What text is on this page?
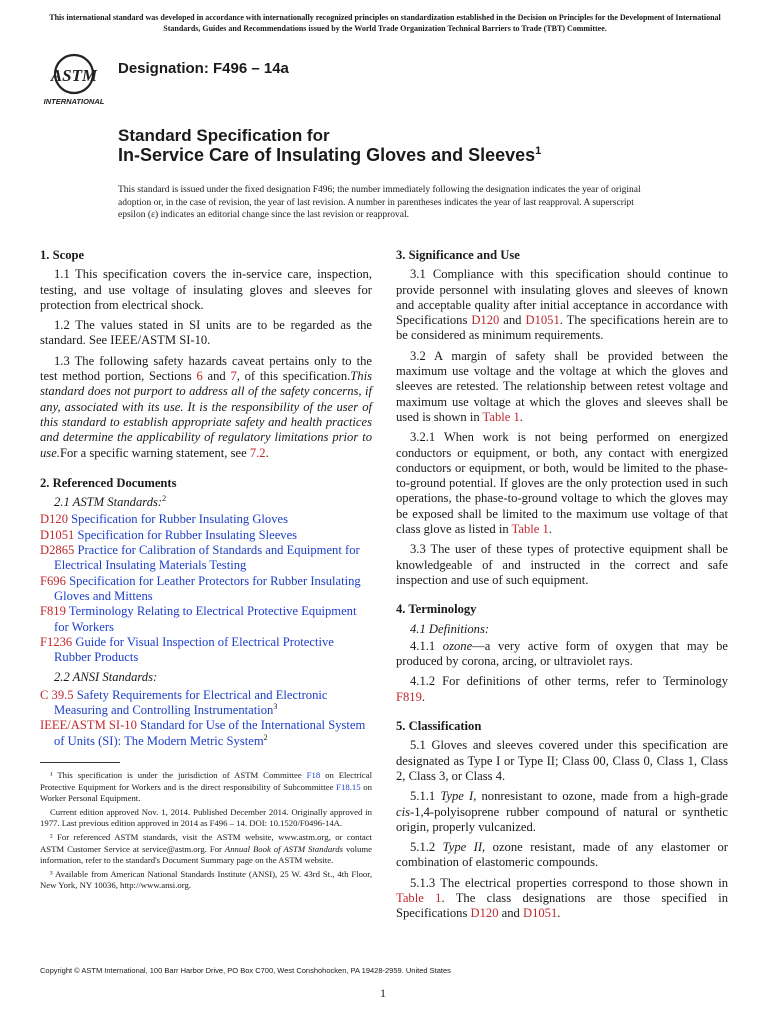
This international standard was developed in accordance with internationally recognized principles on standardization established in the Decision on Principles for the Development of International Standards, Guides and Recommendations issued by the World Trade Organization Technical Barriers to Trade (TBT) Committee.
ASTM
INTERNATIONAL
Designation: F496 – 14a
Standard Specification for
In-Service Care of Insulating Gloves and Sleeves$^1$
This standard is issued under the fixed designation F496; the number immediately following the designation indicates the year of original adoption or, in the case of revision, the year of last revision. A number in parentheses indicates the year of last reapproval. A superscript epsilon (ε) indicates an editorial change since the last revision or reapproval.
1. Scope

1.1 This specification covers the in-service care, inspection, testing, and use voltage of insulating gloves and sleeves for protection from electrical shock.

1.2 The values stated in SI units are to be regarded as the standard. See IEEE/ASTM SI-10.

1.3 The following safety hazards caveat pertains only to the test method portion, Sections 6 and 7, of this specification.This standard does not purport to address all of the safety concerns, if any, associated with its use. It is the responsibility of the user of this standard to establish appropriate safety and health practices and determine the applicability of regulatory limitations prior to use.For a specific warning statement, see 7.2.

2. Referenced Documents
2.1 ASTM Standards:$^2$
D120 Specification for Rubber Insulating Gloves
D1051 Specification for Rubber Insulating Sleeves
D2865 Practice for Calibration of Standards and Equipment for Electrical Insulating Materials Testing
F696 Specification for Leather Protectors for Rubber Insulating Gloves and Mittens
F819 Terminology Relating to Electrical Protective Equipment for Workers
F1236 Guide for Visual Inspection of Electrical Protective Rubber Products
2.2 ANSI Standards:
C 39.5 Safety Requirements for Electrical and Electronic Measuring and Controlling Instrumentation$^3$
IEEE/ASTM SI-10 Standard for Use of the International System of Units (SI): The Modern Metric System$^2$

¹ This specification is under the jurisdiction of ASTM Committee F18 on Electrical Protective Equipment for Workers and is the direct responsibility of Subcommittee F18.15 on Worker Personal Equipment.

Current edition approved Nov. 1, 2014. Published December 2014. Originally approved in 1977. Last previous edition approved in 2014 as F496 – 14. DOI: 10.1520/F0496-14A.

² For referenced ASTM standards, visit the ASTM website, www.astm.org, or contact ASTM Customer Service at service@astm.org. For Annual Book of ASTM Standards volume information, refer to the standard's Document Summary page on the ASTM website.

³ Available from American National Standards Institute (ANSI), 25 W. 43rd St., 4th Floor, New York, NY 10036, http://www.ansi.org.

3. Significance and Use

3.1 Compliance with this specification should continue to provide personnel with insulating gloves and sleeves of known and acceptable quality after initial acceptance in accordance with Specifications D120 and D1051. The specifications herein are to be considered as minimum requirements.

3.2 A margin of safety shall be provided between the maximum use voltage and the voltage at which the gloves and sleeves are retested. The relationship between retest voltage and maximum use voltage at which the gloves and sleeves shall be used is shown in Table 1.

3.2.1 When work is not being performed on energized conductors or equipment, or both, any contact with energized conductors or equipment, or both, would be limited to the phase-to-ground potential. If gloves are the only protection used in such operations, the phase-to-ground voltage to which the gloves may be exposed shall be limited to the maximum use voltage of that class glove as listed in Table 1.

3.3 The user of these types of protective equipment shall be knowledgeable of and instructed in the correct and safe inspection and use of such equipment.

4. Terminology
4.1 Definitions:

4.1.1 ozone—a very active form of oxygen that may be produced by corona, arcing, or ultraviolet rays.

4.1.2 For definitions of other terms, refer to Terminology F819.

5. Classification

5.1 Gloves and sleeves covered under this specification are designated as Type I or Type II; Class 00, Class 0, Class 1, Class 2, Class 3, or Class 4.

5.1.1 Type I, nonresistant to ozone, made from a high-grade cis-1,4-polyisoprene rubber compound of natural or synthetic origin, properly vulcanized.

5.1.2 Type II, ozone resistant, made of any elastomer or combination of elastomeric compounds.

5.1.3 The electrical properties correspond to those shown in Table 1. The class designations are those specified in Specifications D120 and D1051.

Copyright © ASTM International, 100 Barr Harbor Drive, PO Box C700, West Conshohocken, PA 19428-2959. United States
1
